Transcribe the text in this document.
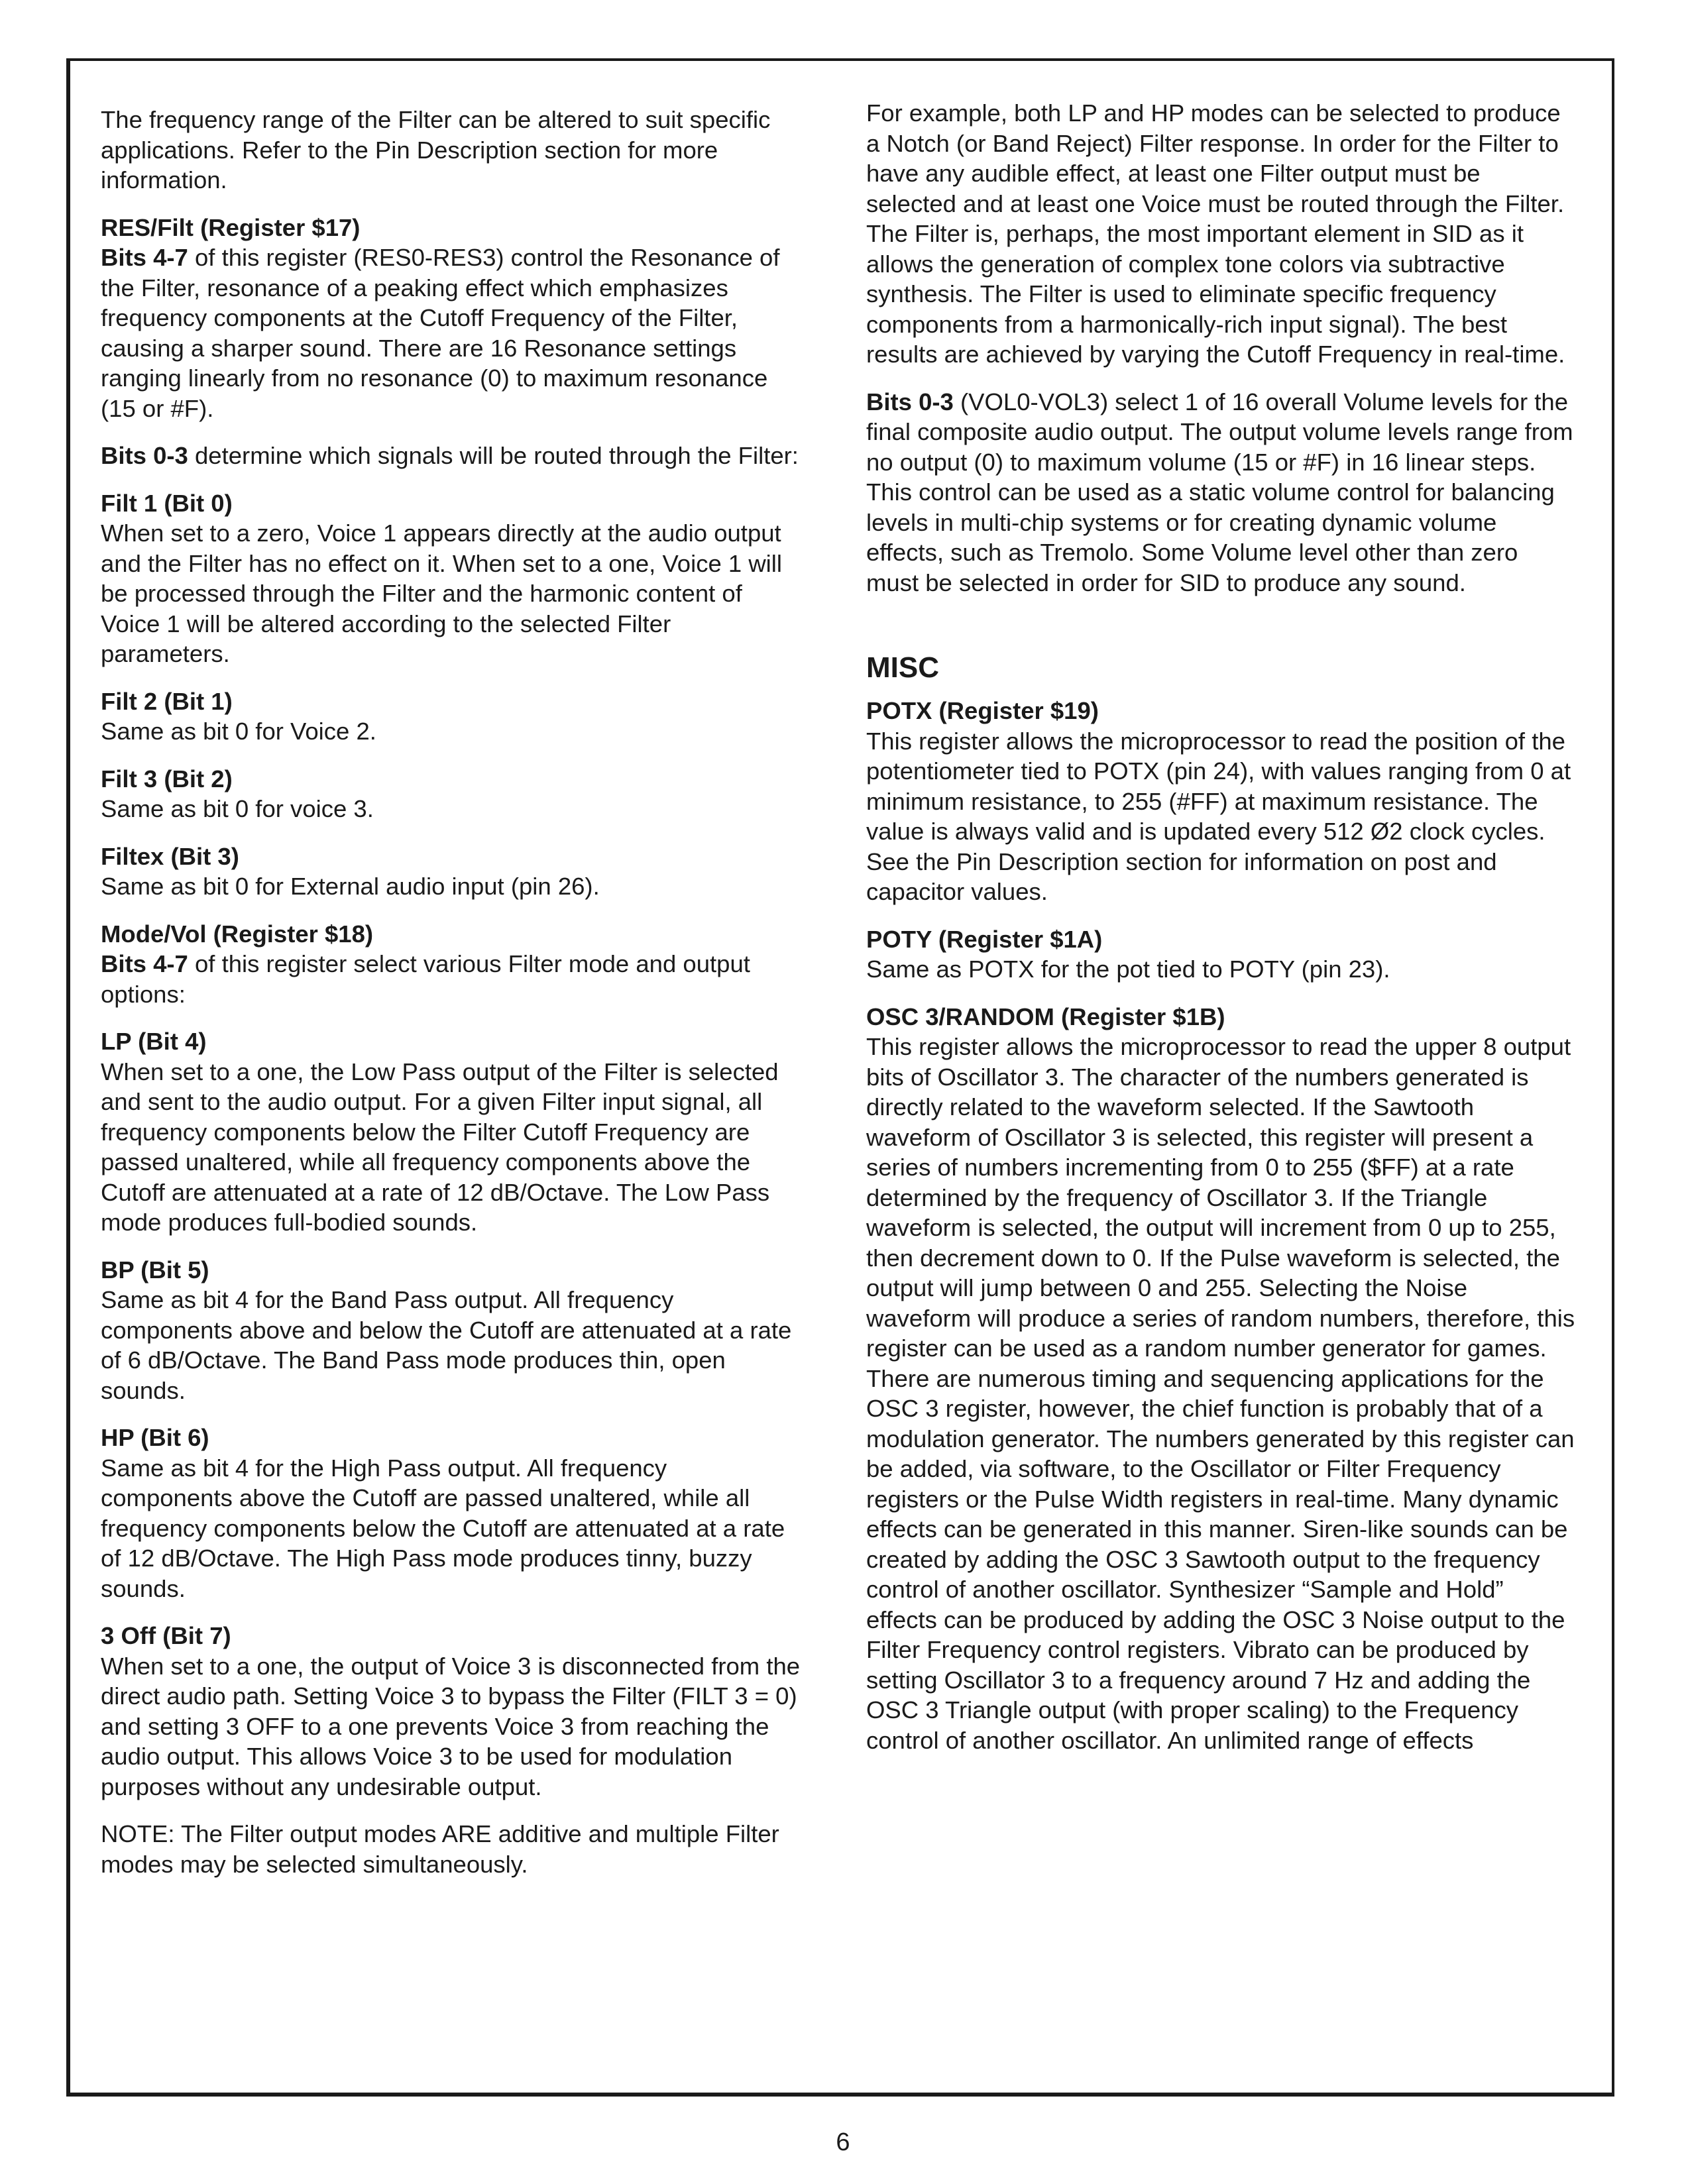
The frequency range of the Filter can be altered to suit specific applications. Refer to the Pin Description section for more information.

RES/Filt (Register $17)

Bits 4-7 of this register (RES0-RES3) control the Resonance of the Filter, resonance of a peaking effect which emphasizes frequency components at the Cutoff Frequency of the Filter, causing a sharper sound. There are 16 Resonance settings ranging linearly from no resonance (0) to maximum resonance (15 or #F).

Bits 0-3 determine which signals will be routed through the Filter:

Filt 1 (Bit 0)

When set to a zero, Voice 1 appears directly at the audio output and the Filter has no effect on it. When set to a one, Voice 1 will be processed through the Filter and the harmonic content of Voice 1 will be altered according to the selected Filter parameters.

Filt 2 (Bit 1)

Same as bit 0 for Voice 2.

Filt 3 (Bit 2)

Same as bit 0 for voice 3.

Filtex (Bit 3)

Same as bit 0 for External audio input (pin 26).

Mode/Vol (Register $18)

Bits 4-7 of this register select various Filter mode and output options:

LP (Bit 4)

When set to a one, the Low Pass output of the Filter is selected and sent to the audio output. For a given Filter input signal, all frequency components below the Filter Cutoff Frequency are passed unaltered, while all frequency components above the Cutoff are attenuated at a rate of 12 dB/Octave. The Low Pass mode produces full-bodied sounds.

BP (Bit 5)

Same as bit 4 for the Band Pass output. All frequency components above and below the Cutoff are attenuated at a rate of 6 dB/Octave. The Band Pass mode produces thin, open sounds.

HP (Bit 6)

Same as bit 4 for the High Pass output. All frequency components above the Cutoff are passed unaltered, while all frequency components below the Cutoff are attenuated at a rate of 12 dB/Octave. The High Pass mode produces tinny, buzzy sounds.

3 Off (Bit 7)

When set to a one, the output of Voice 3 is disconnected from the direct audio path. Setting Voice 3 to bypass the Filter (FILT 3 = 0) and setting 3 OFF to a one prevents Voice 3 from reaching the audio output. This allows Voice 3 to be used for modulation purposes without any undesirable output.

NOTE: The Filter output modes ARE additive and multiple Filter modes may be selected simultaneously.

For example, both LP and HP modes can be selected to produce a Notch (or Band Reject) Filter response. In order for the Filter to have any audible effect, at least one Filter output must be selected and at least one Voice must be routed through the Filter. The Filter is, perhaps, the most important element in SID as it allows the generation of complex tone colors via subtractive synthesis. The Filter is used to eliminate specific frequency components from a harmonically-rich input signal). The best results are achieved by varying the Cutoff Frequency in real-time.

Bits 0-3 (VOL0-VOL3) select 1 of 16 overall Volume levels for the final composite audio output. The output volume levels range from no output (0) to maximum volume (15 or #F) in 16 linear steps. This control can be used as a static volume control for balancing levels in multi-chip systems or for creating dynamic volume effects, such as Tremolo. Some Volume level other than zero must be selected in order for SID to produce any sound.

MISC

POTX (Register $19)

This register allows the microprocessor to read the position of the potentiometer tied to POTX (pin 24), with values ranging from 0 at minimum resistance, to 255 (#FF) at maximum resistance. The value is always valid and is updated every 512 Ø2 clock cycles. See the Pin Description section for information on post and capacitor values.

POTY (Register $1A)

Same as POTX for the pot tied to POTY (pin 23).

OSC 3/RANDOM (Register $1B)

This register allows the microprocessor to read the upper 8 output bits of Oscillator 3. The character of the numbers generated is directly related to the waveform selected. If the Sawtooth waveform of Oscillator 3 is selected, this register will present a series of numbers incrementing from 0 to 255 ($FF) at a rate determined by the frequency of Oscillator 3. If the Triangle waveform is selected, the output will increment from 0 up to 255, then decrement down to 0. If the Pulse waveform is selected, the output will jump between 0 and 255. Selecting the Noise waveform will produce a series of random numbers, therefore, this register can be used as a random number generator for games. There are numerous timing and sequencing applications for the OSC 3 register, however, the chief function is probably that of a modulation generator. The numbers generated by this register can be added, via software, to the Oscillator or Filter Frequency registers or the Pulse Width registers in real-time. Many dynamic effects can be generated in this manner. Siren-like sounds can be created by adding the OSC 3 Sawtooth output to the frequency control of another oscillator. Synthesizer “Sample and Hold” effects can be produced by adding the OSC 3 Noise output to the Filter Frequency control registers. Vibrato can be produced by setting Oscillator 3 to a frequency around 7 Hz and adding the OSC 3 Triangle output (with proper scaling) to the Frequency control of another oscillator. An unlimited range of effects

6
